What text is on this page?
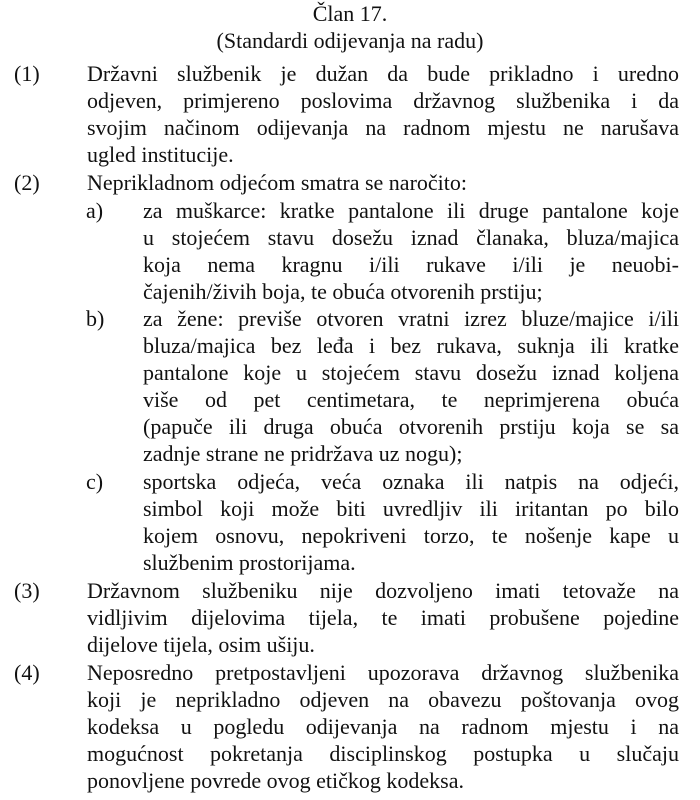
Član 17.
(Standardi odijevanja na radu)
(1) Državni službenik je dužan da bude prikladno i uredno
odjeven, primjereno poslovima državnog službenika i da
svojim načinom odijevanja na radnom mjestu ne narušava
ugled institucije.
(2) Neprikladnom odjećom smatra se naročito:
a) za muškarce: kratke pantalone ili druge pantalone koje
u stojećem stavu dosežu iznad članaka, bluza/majica
koja nema kragnu i/ili rukave i/ili je neuobi-
čajenih/živih boja, te obuća otvorenih prstiju;
b) za žene: previše otvoren vratni izrez bluze/majice i/ili
bluza/majica bez leđa i bez rukava, suknja ili kratke
pantalone koje u stojećem stavu dosežu iznad koljena
više od pet centimetara, te neprimjerena obuća
(papuče ili druga obuća otvorenih prstiju koja se sa
zadnje strane ne pridržava uz nogu);
c) sportska odjeća, veća oznaka ili natpis na odjeći,
simbol koji može biti uvredljiv ili iritantan po bilo
kojem osnovu, nepokriveni torzo, te nošenje kape u
službenim prostorijama.
(3) Državnom službeniku nije dozvoljeno imati tetovaže na
vidljivim dijelovima tijela, te imati probušene pojedine
dijelove tijela, osim ušiju.
(4) Neposredno pretpostavljeni upozorava državnog službenika
koji je neprikladno odjeven na obavezu poštovanja ovog
kodeksa u pogledu odijevanja na radnom mjestu i na
mogućnost pokretanja disciplinskog postupka u slučaju
ponovljene povrede ovog etičkog kodeksa.
